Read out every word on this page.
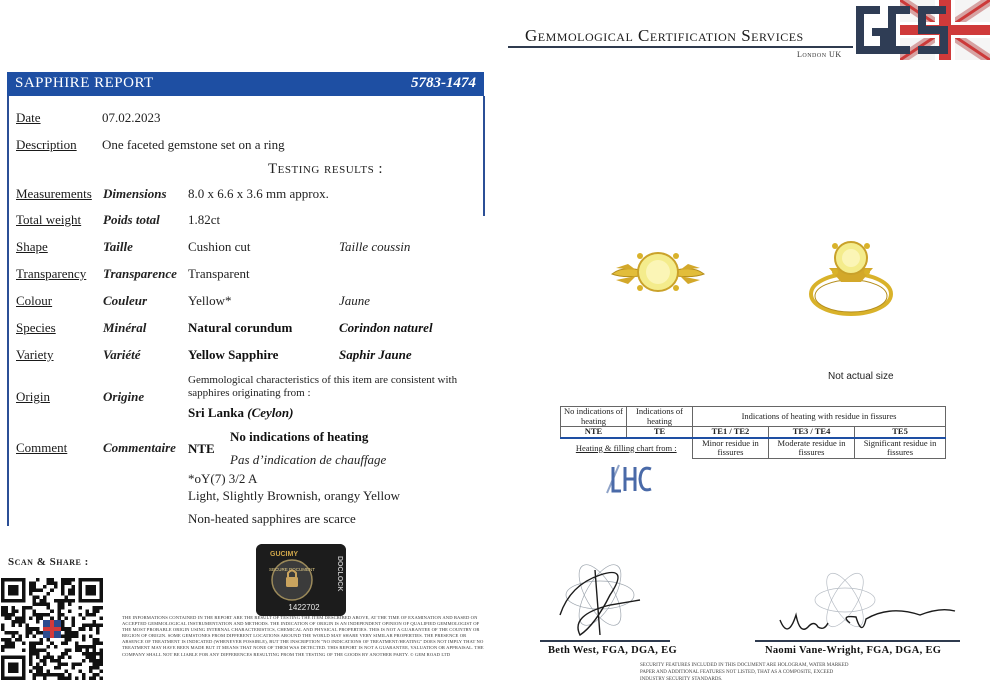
Gemmological Certification Services
London UK
SAPPHIRE REPORT	5783-1474
Date	07.02.2023
Description One faceted gemstone set on a ring
Testing results :
Measurements Dimensions 8.0 x 6.6 x 3.6 mm approx.
Total weight Poids total 1.82ct
Shape	Taille	Cushion cut	Taille coussin
Transparency Transparence Transparent
Colour	Couleur	Yellow*	Jaune
Species	Minéral	Natural corundum	Corindon naturel
Variety	Variété	Yellow Sapphire	Saphir Jaune
Origin	Origine
Gemmological characteristics of this item are consistent with
sapphires originating from :
Sri Lanka (Ceylon)
Comment	Commentaire NTE
No indications of heating
Pas d’indication de chauffage
*oY(7) 3/2 A
Light, Slightly Brownish, orangy Yellow
Non-heated sapphires are scarce
Not actual size
No indications of heating	Indications of heating	Indications of heating with residue in fissures		
NTE	TE	TE1 / TE2	TE3 / TE4	TE5
Heating & filling chart from :		Minor residue in fissures	Moderate residue in fissures	Significant residue in fissures
Scan & Share :
GUCIMY
SECURE DOCUMENT	DOCLOCK
1422702
THE INFORMATIONS CONTAINED IN THE REPORT ARE THE RESULT OF TESTING THE ITEM DESCRIBED ABOVE, AT THE TIME OF EXAMINATION AND BASED ON ACCEPTED GEMMOLOGICAL INSTRUMENTATION AND METHODS. THE INDICATION OF ORIGIN IS AN INDEPENDENT OPINION OF QUALIFIED GEMMOLOGIST OF THE MOST PROBABLE ORIGIN USING INTERNAL CHARACTERISTICS, CHEMICAL AND PHYSICAL PROPERTIES. THIS IS NOT A GUARANTEE OF THE COUNTRY OR REGION OF ORIGIN. SOME GEMSTONES FROM DIFFERENT LOCATIONS AROUND THE WORLD MAY SHARE VERY SIMILAR PROPERTIES. THE PRESENCE OR ABSENCE OF TREATMENT IS INDICATED (WHENEVER POSSIBLE), BUT THE INSCRIPTION "NO INDICATIONS OF TREATMENT/HEATING" DOES NOT IMPLY THAT NO TREATMENT MAY HAVE BEEN MADE BUT IT MEANS THAT NONE OF THEM WAS DETECTED. THIS REPORT IS NOT A GUARANTEE, VALUATION OR APPRAISAL. THE COMPANY SHALL NOT BE LIABLE FOR ANY DIFFERENCES RESULTING FROM THE TESTING OF THE GOODS BY ANOTHER PARTY. © GEM ROAD LTD	Beth West, FGA, DGA, EG	Naomi Vane-Wright, FGA, DGA, EG
SECURITY FEATURES INCLUDED IN THIS DOCUMENT ARE HOLOGRAM, WATER MARKED PAPER AND ADDITIONAL FEATURES NOT LISTED, THAT AS A COMPOSITE, EXCEED INDUSTRY SECURITY STANDARDS.
